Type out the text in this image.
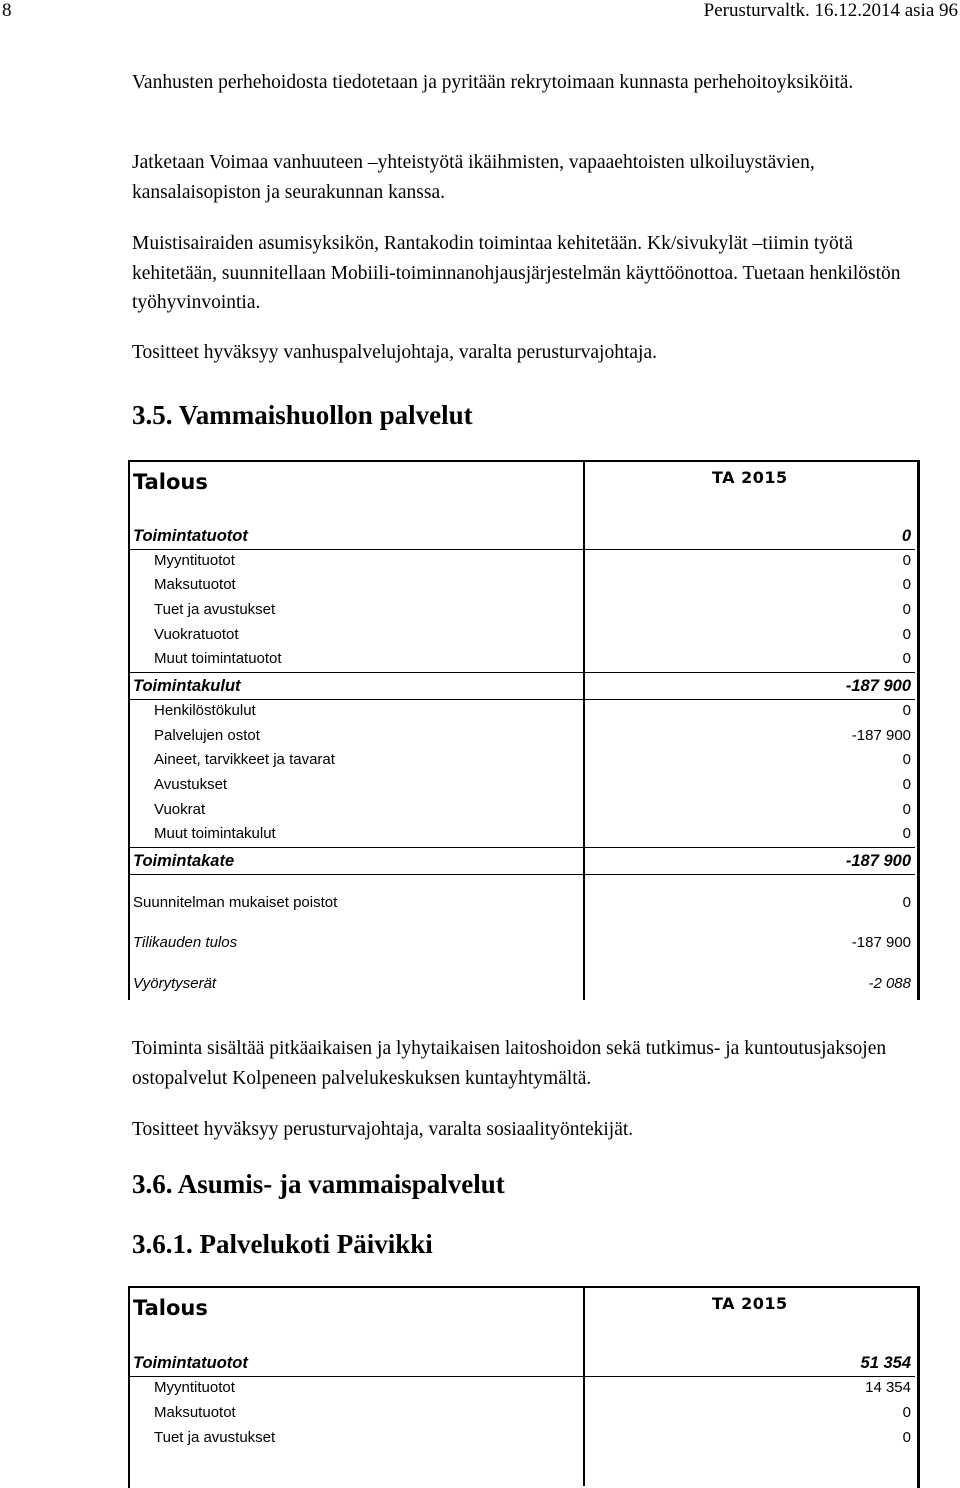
8	Perusturvaltk. 16.12.2014 asia 96

Vanhusten perhehoidosta tiedotetaan ja pyritään rekrytoimaan kunnasta perhehoitoyksiköitä.

Jatketaan Voimaa vanhuuteen –yhteistyötä ikäihmisten, vapaaehtoisten ulkoiluystävien, kansalaisopiston ja seurakunnan kanssa.

Muistisairaiden asumisyksikön, Rantakodin toimintaa kehitetään. Kk/sivukylät –tiimin työtä kehitetään, suunnitellaan Mobiili-toiminnanohjausjärjestelmän käyttöönottoa. Tuetaan henkilöstön työhyvinvointia.

Tositteet hyväksyy vanhuspalvelujohtaja, varalta perusturvajohtaja.

3.5. Vammaishuollon palvelut
Talous	TA 2015
Toimintatuotot	0
Myyntituotot	0
Maksutuotot	0
Tuet ja avustukset	0
Vuokratuotot	0
Muut toimintatuotot	0
Toimintakulut	-187 900
Henkilöstökulut	0
Palvelujen ostot	-187 900
Aineet, tarvikkeet ja tavarat	0
Avustukset	0
Vuokrat	0
Muut toimintakulut	0
Toimintakate	-187 900
Suunnitelman mukaiset poistot	0
Tilikauden tulos	-187 900
Vyörytyserät	-2 088

Toiminta sisältää pitkäaikaisen ja lyhytaikaisen laitoshoidon sekä tutkimus- ja kuntoutusjaksojen ostopalvelut Kolpeneen palvelukeskuksen kuntayhtymältä.

Tositteet hyväksyy perusturvajohtaja, varalta sosiaalityöntekijät.

3.6. Asumis- ja vammaispalvelut
3.6.1. Palvelukoti Päivikki
Talous	TA 2015
Toimintatuotot	51 354
Myyntituotot	14 354
Maksutuotot	0
Tuet ja avustukset	0
